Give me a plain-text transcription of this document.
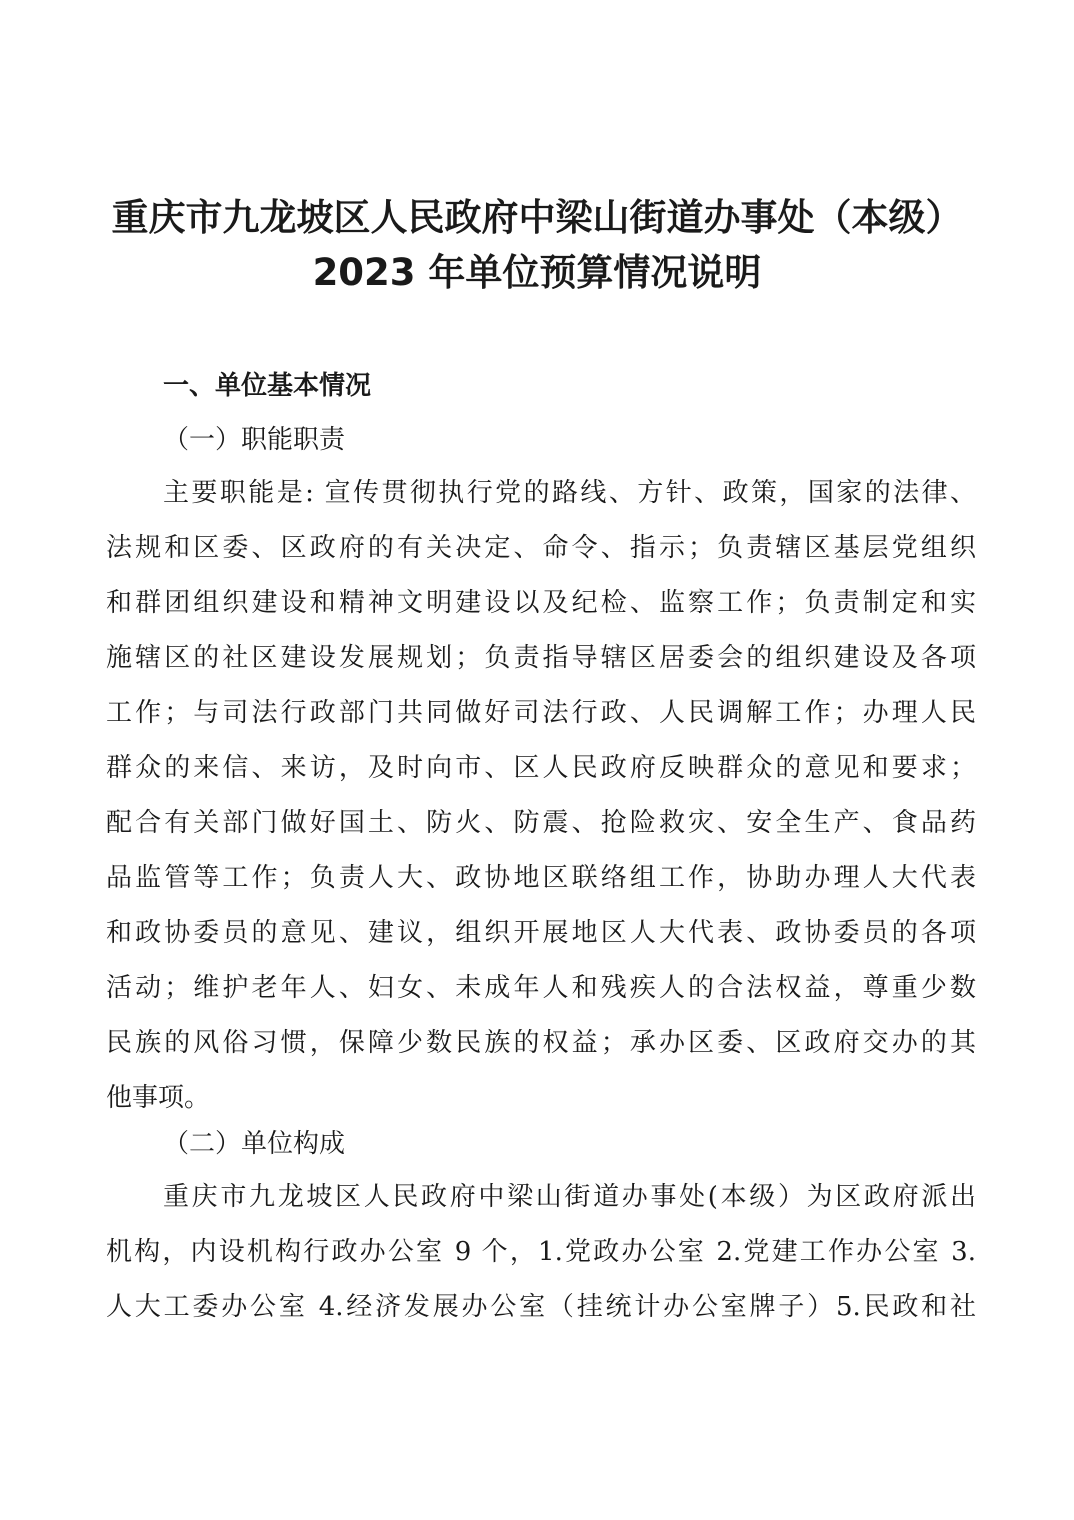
重庆市九龙坡区人民政府中梁山街道办事处（本级）
2023 年单位预算情况说明
一、单位基本情况
（一）职能职责
主要职能是: 宣传贯彻执行党的路线、方针、政策，国家的法律、
法规和区委、区政府的有关决定、命令、指示；负责辖区基层党组织
和群团组织建设和精神文明建设以及纪检、监察工作；负责制定和实
施辖区的社区建设发展规划；负责指导辖区居委会的组织建设及各项
工作；与司法行政部门共同做好司法行政、人民调解工作；办理人民
群众的来信、来访，及时向市、区人民政府反映群众的意见和要求；
配合有关部门做好国土、防火、防震、抢险救灾、安全生产、食品药
品监管等工作；负责人大、政协地区联络组工作，协助办理人大代表
和政协委员的意见、建议，组织开展地区人大代表、政协委员的各项
活动；维护老年人、妇女、未成年人和残疾人的合法权益，尊重少数
民族的风俗习惯，保障少数民族的权益；承办区委、区政府交办的其
他事项。
（二）单位构成
重庆市九龙坡区人民政府中梁山街道办事处(本级）为区政府派出
机构，内设机构行政办公室 9 个，1.党政办公室 2.党建工作办公室 3.
人大工委办公室 4.经济发展办公室（挂统计办公室牌子）5.民政和社
